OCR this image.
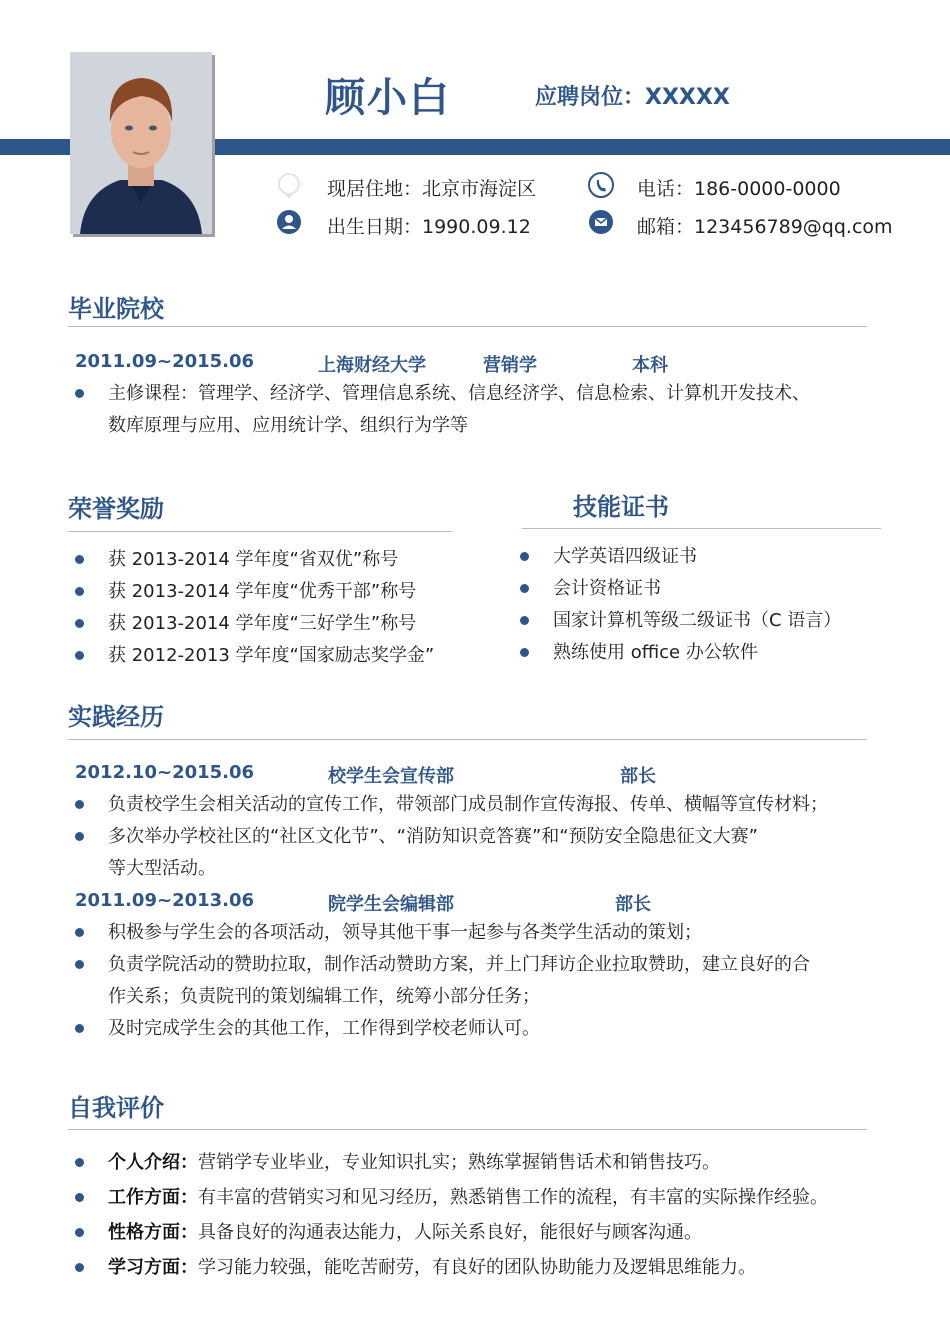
顾小白	应聘岗位：XXXXX
现居住地：北京市海淀区
出生日期：1990.09.12
电话：186-0000-0000
邮箱：123456789@qq.com
毕业院校
2011.09~2015.06	上海财经大学	营销学	本科
主修课程：管理学、经济学、管理信息系统、信息经济学、信息检索、计算机开发技术、
数库原理与应用、应用统计学、组织行为学等
荣誉奖励
获 2013-2014 学年度“省双优”称号
获 2013-2014 学年度“优秀干部”称号
获 2013-2014 学年度“三好学生”称号
获 2012-2013 学年度“国家励志奖学金”
技能证书
大学英语四级证书
会计资格证书
国家计算机等级二级证书（C 语言）
熟练使用 office 办公软件
实践经历
2012.10~2015.06	校学生会宣传部	部长
负责校学生会相关活动的宣传工作，带领部门成员制作宣传海报、传单、横幅等宣传材料；
多次举办学校社区的“社区文化节”、“消防知识竞答赛”和“预防安全隐患征文大赛”
等大型活动。
2011.09~2013.06	院学生会编辑部	部长
积极参与学生会的各项活动，领导其他干事一起参与各类学生活动的策划；
负责学院活动的赞助拉取，制作活动赞助方案，并上门拜访企业拉取赞助，建立良好的合
作关系；负责院刊的策划编辑工作，统筹小部分任务；
及时完成学生会的其他工作，工作得到学校老师认可。
自我评价
个人介绍：营销学专业毕业，专业知识扎实；熟练掌握销售话术和销售技巧。
工作方面：有丰富的营销实习和见习经历，熟悉销售工作的流程，有丰富的实际操作经验。
性格方面：具备良好的沟通表达能力，人际关系良好，能很好与顾客沟通。
学习方面：学习能力较强，能吃苦耐劳，有良好的团队协助能力及逻辑思维能力。
